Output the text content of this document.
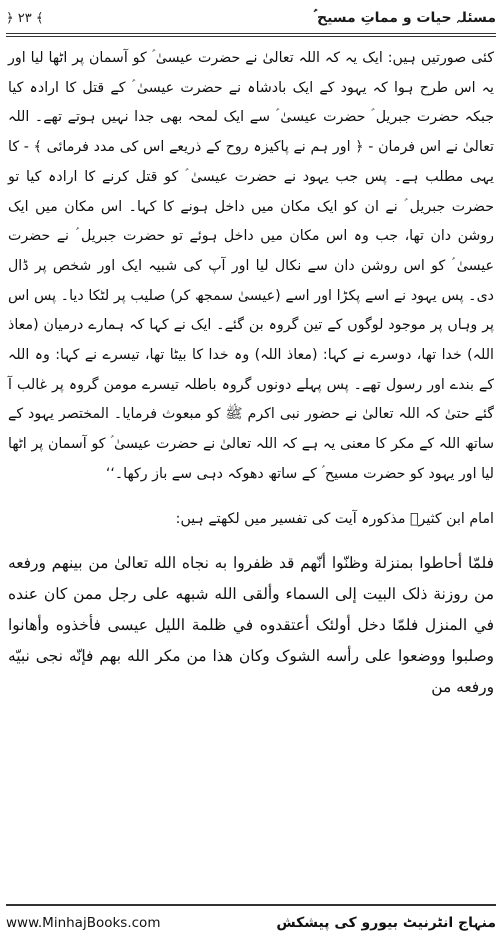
مسئلہ حیات و مماتِ مسیح ؑ
﴿ ۲۳ ﴾

کئی صورتیں ہیں: ایک یہ کہ اللہ تعالیٰ نے حضرت عیسیٰ ؑ کو آسمان پر اٹھا لیا اور یہ اس طرح ہوا کہ یہود کے ایک بادشاہ نے حضرت عیسیٰ ؑ کے قتل کا ارادہ کیا جبکہ حضرت جبریل ؑ حضرت عیسیٰ ؑ سے ایک لمحہ بھی جدا نہیں ہوتے تھے۔ اللہ تعالیٰ نے اس فرمان - ﴿ اور ہم نے پاکیزہ روح کے ذریعے اس کی مدد فرمائی ﴾ - کا یہی مطلب ہے۔ پس جب یہود نے حضرت عیسیٰ ؑ کو قتل کرنے کا ارادہ کیا تو حضرت جبریل ؑ نے ان کو ایک مکان میں داخل ہونے کا کہا۔ اس مکان میں ایک روشن دان تھا، جب وہ اس مکان میں داخل ہوئے تو حضرت جبریل ؑ نے حضرت عیسیٰ ؑ کو اس روشن دان سے نکال لیا اور آپ کی شبیہ ایک اور شخص پر ڈال دی۔ پس یہود نے اسے پکڑا اور اسے (عیسیٰ سمجھ کر) صلیب پر لٹکا دیا۔ پس اس پر وہاں پر موجود لوگوں کے تین گروہ بن گئے۔ ایک نے کہا کہ ہمارے درمیان (معاذ اللہ) خدا تھا، دوسرے نے کہا: (معاذ اللہ) وہ خدا کا بیٹا تھا، تیسرے نے کہا: وہ اللہ کے بندے اور رسول تھے۔ پس پہلے دونوں گروہ باطلہ تیسرے مومن گروہ پر غالب آ گئے حتیٰ کہ اللہ تعالیٰ نے حضور نبی اکرم ﷺ کو مبعوث فرمایا۔ المختصر یہود کے ساتھ اللہ کے مکر کا معنی یہ ہے کہ اللہ تعالیٰ نے حضرت عیسیٰ ؑ کو آسمان پر اٹھا لیا اور یہود کو حضرت مسیح ؑ کے ساتھ دھوکہ دہی سے باز رکھا۔‘‘

امام ابن کثیرؒ مذکورہ آیت کی تفسیر میں لکھتے ہیں:

فلمّا أحاطوا بمنزلة وظنّوا أنّهم قد ظفروا به نجاه الله تعالیٰ من بينهم ورفعه من روزنة ذلک البيت إلى السماء وألقى الله شبهه على رجل ممن کان عنده في المنزل فلمّا دخل أولئک أعتقدوه في ظلمة الليل عيسى فأخذوه وأهانوا وصلبوا ووضعوا على رأسه الشوک وکان هذا من مکر الله بهم فإنّه نجى نبيّه ورفعه من

www.MinhajBooks.com	منہاج انٹرنیٹ بیورو کی پیشکش
